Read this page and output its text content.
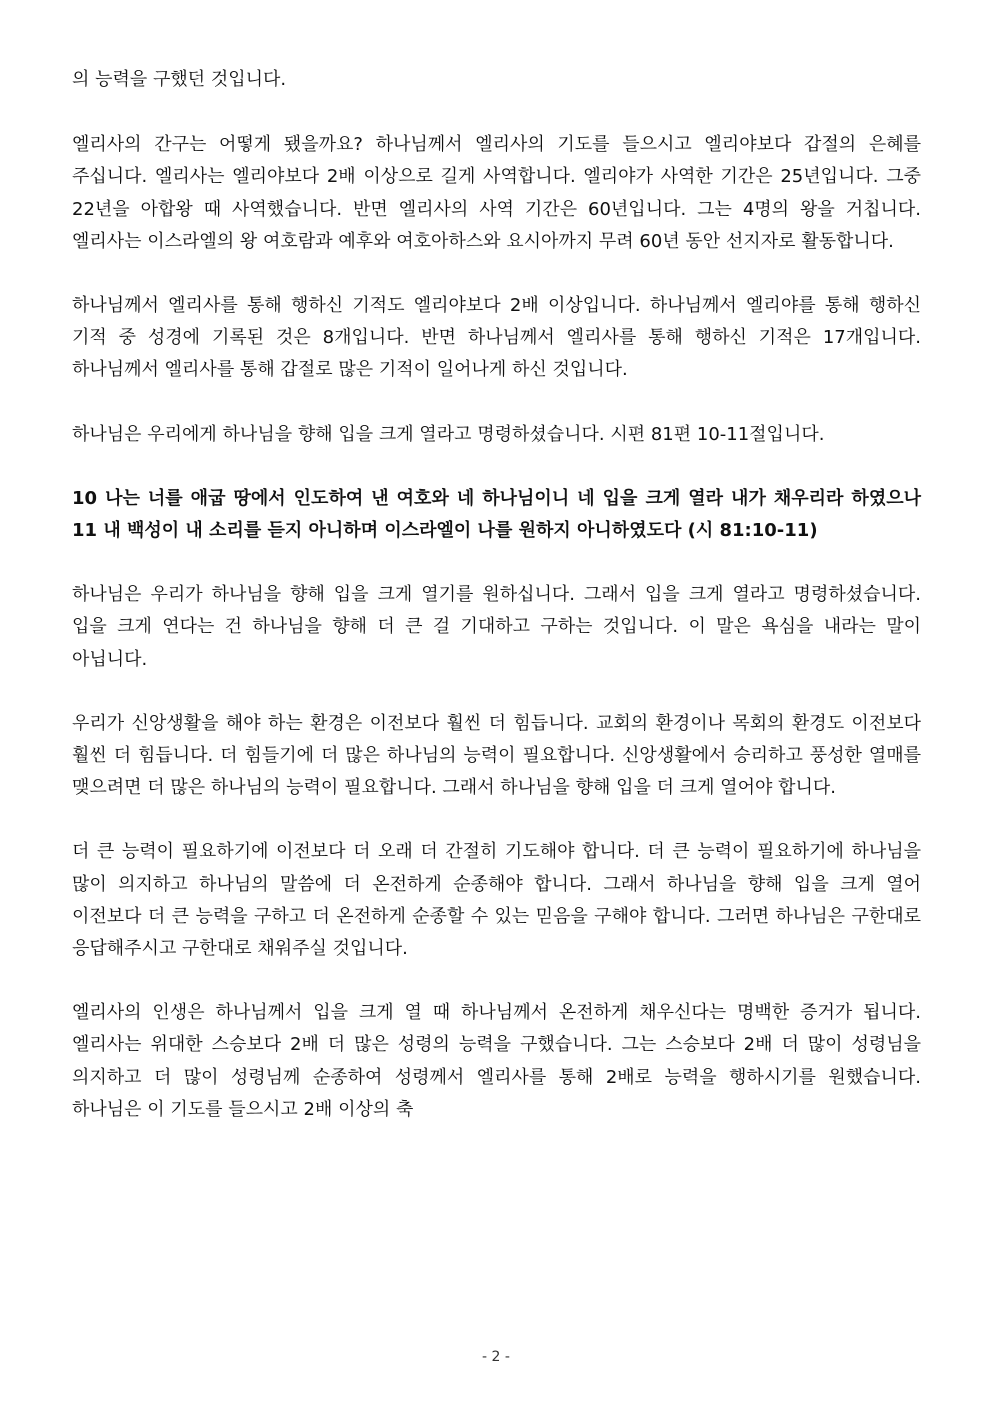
의 능력을 구했던 것입니다.

엘리사의 간구는 어떻게 됐을까요? 하나님께서 엘리사의 기도를 들으시고 엘리야보다 갑절의 은혜를 주십니다. 엘리사는 엘리야보다 2배 이상으로 길게 사역합니다. 엘리야가 사역한 기간은 25년입니다. 그중 22년을 아합왕 때 사역했습니다. 반면 엘리사의 사역 기간은 60년입니다. 그는 4명의 왕을 거칩니다. 엘리사는 이스라엘의 왕 여호람과 예후와 여호아하스와 요시아까지 무려 60년 동안 선지자로 활동합니다.

하나님께서 엘리사를 통해 행하신 기적도 엘리야보다 2배 이상입니다. 하나님께서 엘리야를 통해 행하신 기적 중 성경에 기록된 것은 8개입니다. 반면 하나님께서 엘리사를 통해 행하신 기적은 17개입니다. 하나님께서 엘리사를 통해 갑절로 많은 기적이 일어나게 하신 것입니다.

하나님은 우리에게 하나님을 향해 입을 크게 열라고 명령하셨습니다. 시편 81편 10-11절입니다.

10 나는 너를 애굽 땅에서 인도하여 낸 여호와 네 하나님이니 네 입을 크게 열라 내가 채우리라 하였으나 11 내 백성이 내 소리를 듣지 아니하며 이스라엘이 나를 원하지 아니하였도다 (시 81:10-11)

하나님은 우리가 하나님을 향해 입을 크게 열기를 원하십니다. 그래서 입을 크게 열라고 명령하셨습니다. 입을 크게 연다는 건 하나님을 향해 더 큰 걸 기대하고 구하는 것입니다. 이 말은 욕심을 내라는 말이 아닙니다.

우리가 신앙생활을 해야 하는 환경은 이전보다 훨씬 더 힘듭니다. 교회의 환경이나 목회의 환경도 이전보다 훨씬 더 힘듭니다. 더 힘들기에 더 많은 하나님의 능력이 필요합니다. 신앙생활에서 승리하고 풍성한 열매를 맺으려면 더 많은 하나님의 능력이 필요합니다. 그래서 하나님을 향해 입을 더 크게 열어야 합니다.

더 큰 능력이 필요하기에 이전보다 더 오래 더 간절히 기도해야 합니다. 더 큰 능력이 필요하기에 하나님을 많이 의지하고 하나님의 말씀에 더 온전하게 순종해야 합니다. 그래서 하나님을 향해 입을 크게 열어 이전보다 더 큰 능력을 구하고 더 온전하게 순종할 수 있는 믿음을 구해야 합니다. 그러면 하나님은 구한대로 응답해주시고 구한대로 채워주실 것입니다.

엘리사의 인생은 하나님께서 입을 크게 열 때 하나님께서 온전하게 채우신다는 명백한 증거가 됩니다. 엘리사는 위대한 스승보다 2배 더 많은 성령의 능력을 구했습니다. 그는 스승보다 2배 더 많이 성령님을 의지하고 더 많이 성령님께 순종하여 성령께서 엘리사를 통해 2배로 능력을 행하시기를 원했습니다. 하나님은 이 기도를 들으시고 2배 이상의 축

- 2 -
